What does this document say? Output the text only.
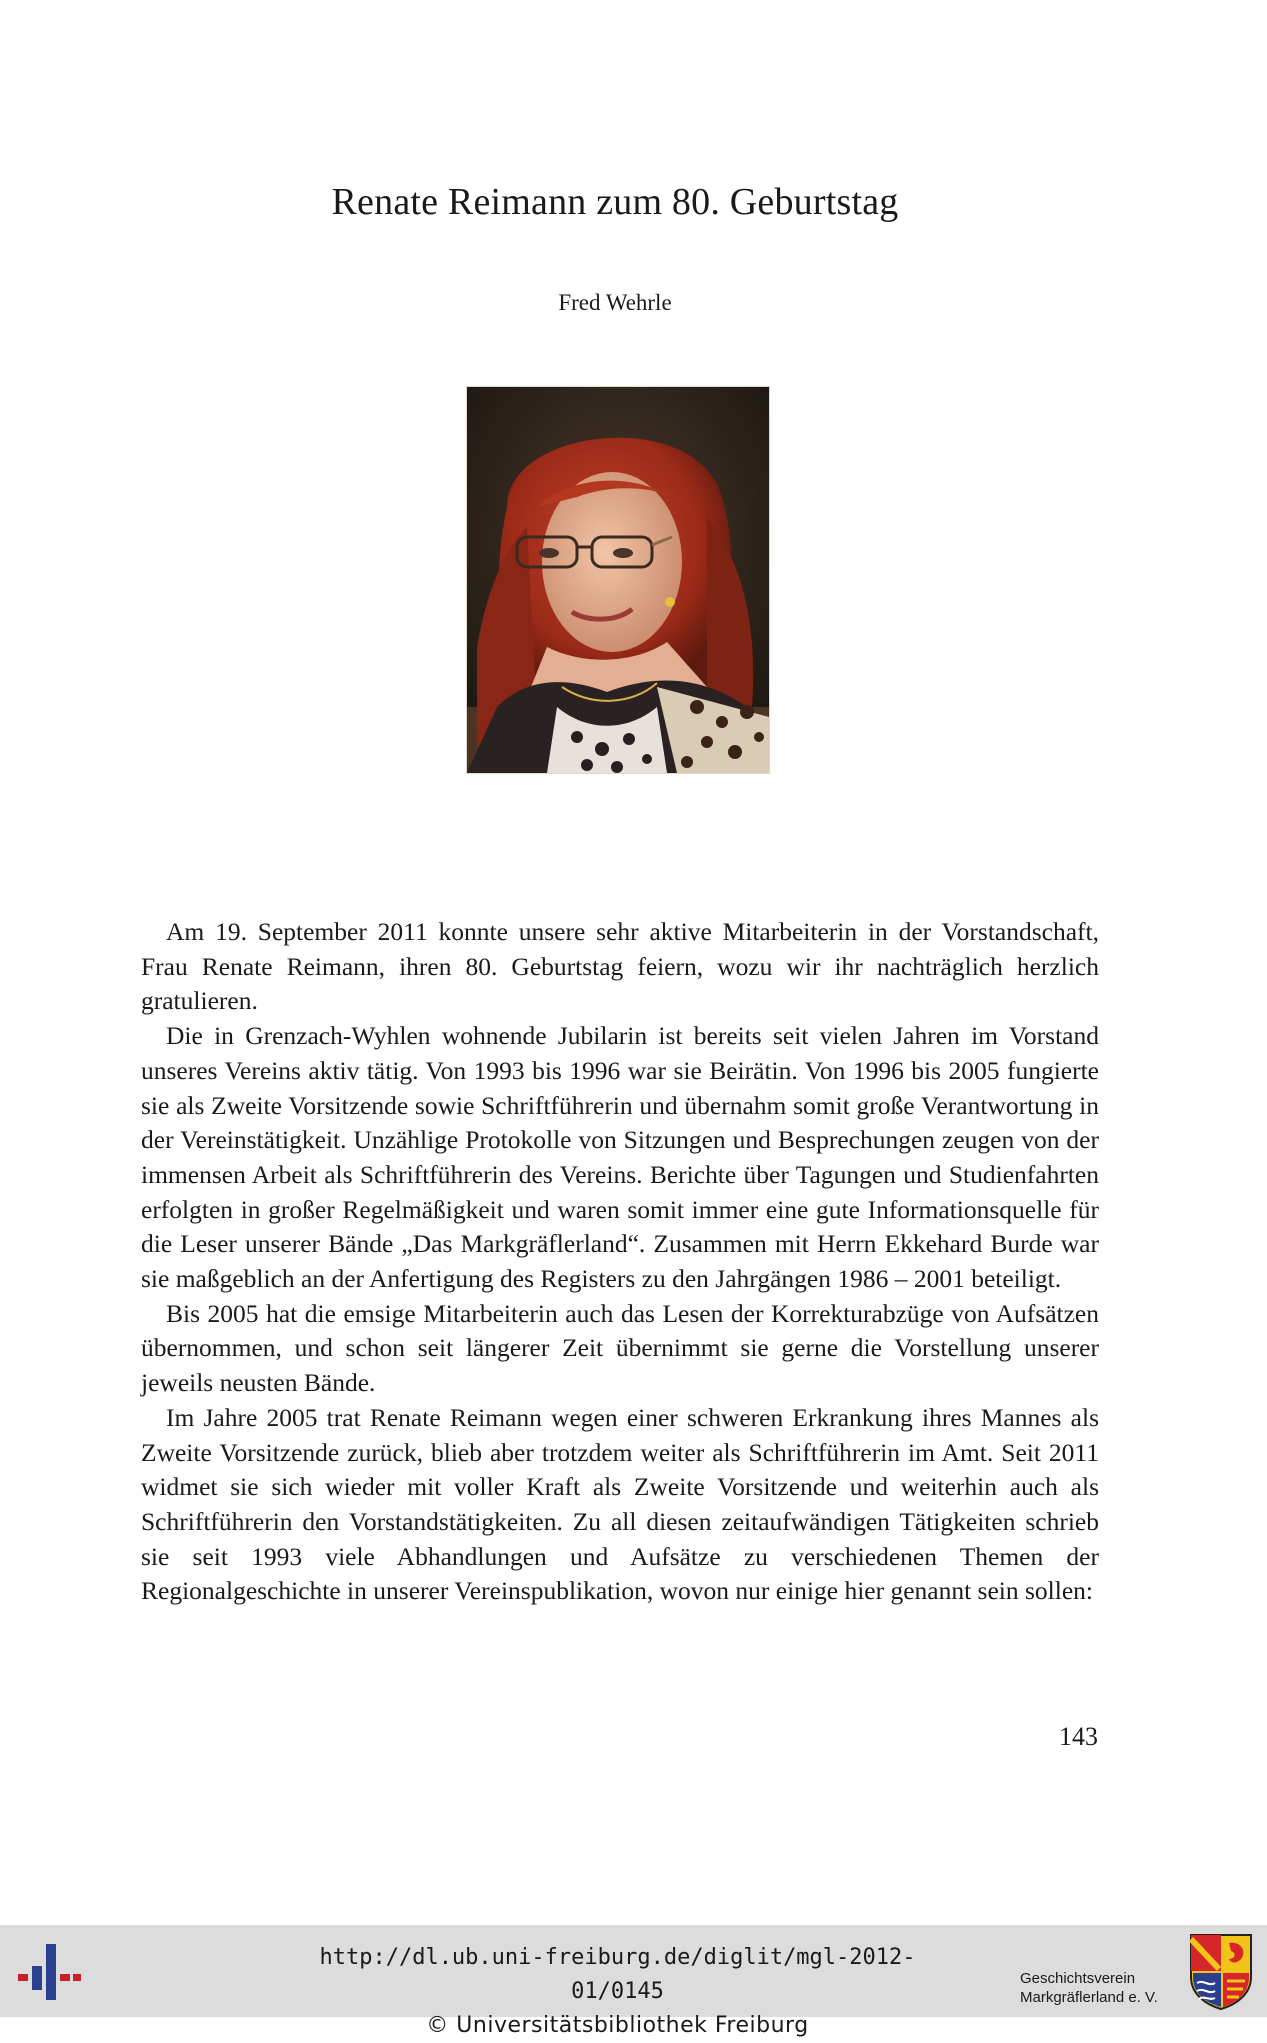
Renate Reimann zum 80. Geburtstag
Fred Wehrle

Am 19. September 2011 konnte unsere sehr aktive Mitarbeiterin in der Vorstandschaft, Frau Renate Reimann, ihren 80. Geburtstag feiern, wozu wir ihr nachträglich herzlich gratulieren.

Die in Grenzach-Wyhlen wohnende Jubilarin ist bereits seit vielen Jahren im Vorstand unseres Vereins aktiv tätig. Von 1993 bis 1996 war sie Beirätin. Von 1996 bis 2005 fungierte sie als Zweite Vorsitzende sowie Schriftführerin und übernahm somit große Verantwortung in der Vereinstätigkeit. Unzählige Protokolle von Sitzungen und Besprechungen zeugen von der immensen Arbeit als Schriftführerin des Vereins. Berichte über Tagungen und Studienfahrten erfolgten in großer Regelmäßigkeit und waren somit immer eine gute Informationsquelle für die Leser unserer Bände „Das Markgräflerland“. Zusammen mit Herrn Ekkehard Burde war sie maßgeblich an der Anfertigung des Registers zu den Jahrgängen 1986 – 2001 beteiligt.

Bis 2005 hat die emsige Mitarbeiterin auch das Lesen der Korrekturabzüge von Aufsätzen übernommen, und schon seit längerer Zeit übernimmt sie gerne die Vorstellung unserer jeweils neusten Bände.

Im Jahre 2005 trat Renate Reimann wegen einer schweren Erkrankung ihres Mannes als Zweite Vorsitzende zurück, blieb aber trotzdem weiter als Schriftführerin im Amt. Seit 2011 widmet sie sich wieder mit voller Kraft als Zweite Vorsitzende und weiterhin auch als Schriftführerin den Vorstandstätigkeiten. Zu all diesen zeitaufwändigen Tätigkeiten schrieb sie seit 1993 viele Abhandlungen und Aufsätze zu verschiedenen Themen der Regionalgeschichte in unserer Vereinspublikation, wovon nur einige hier genannt sein sollen:

143
http://dl.ub.uni-freiburg.de/diglit/mgl-2012-01/0145
© Universitätsbibliothek Freiburg
Geschichtsverein
Markgräflerland e. V.
